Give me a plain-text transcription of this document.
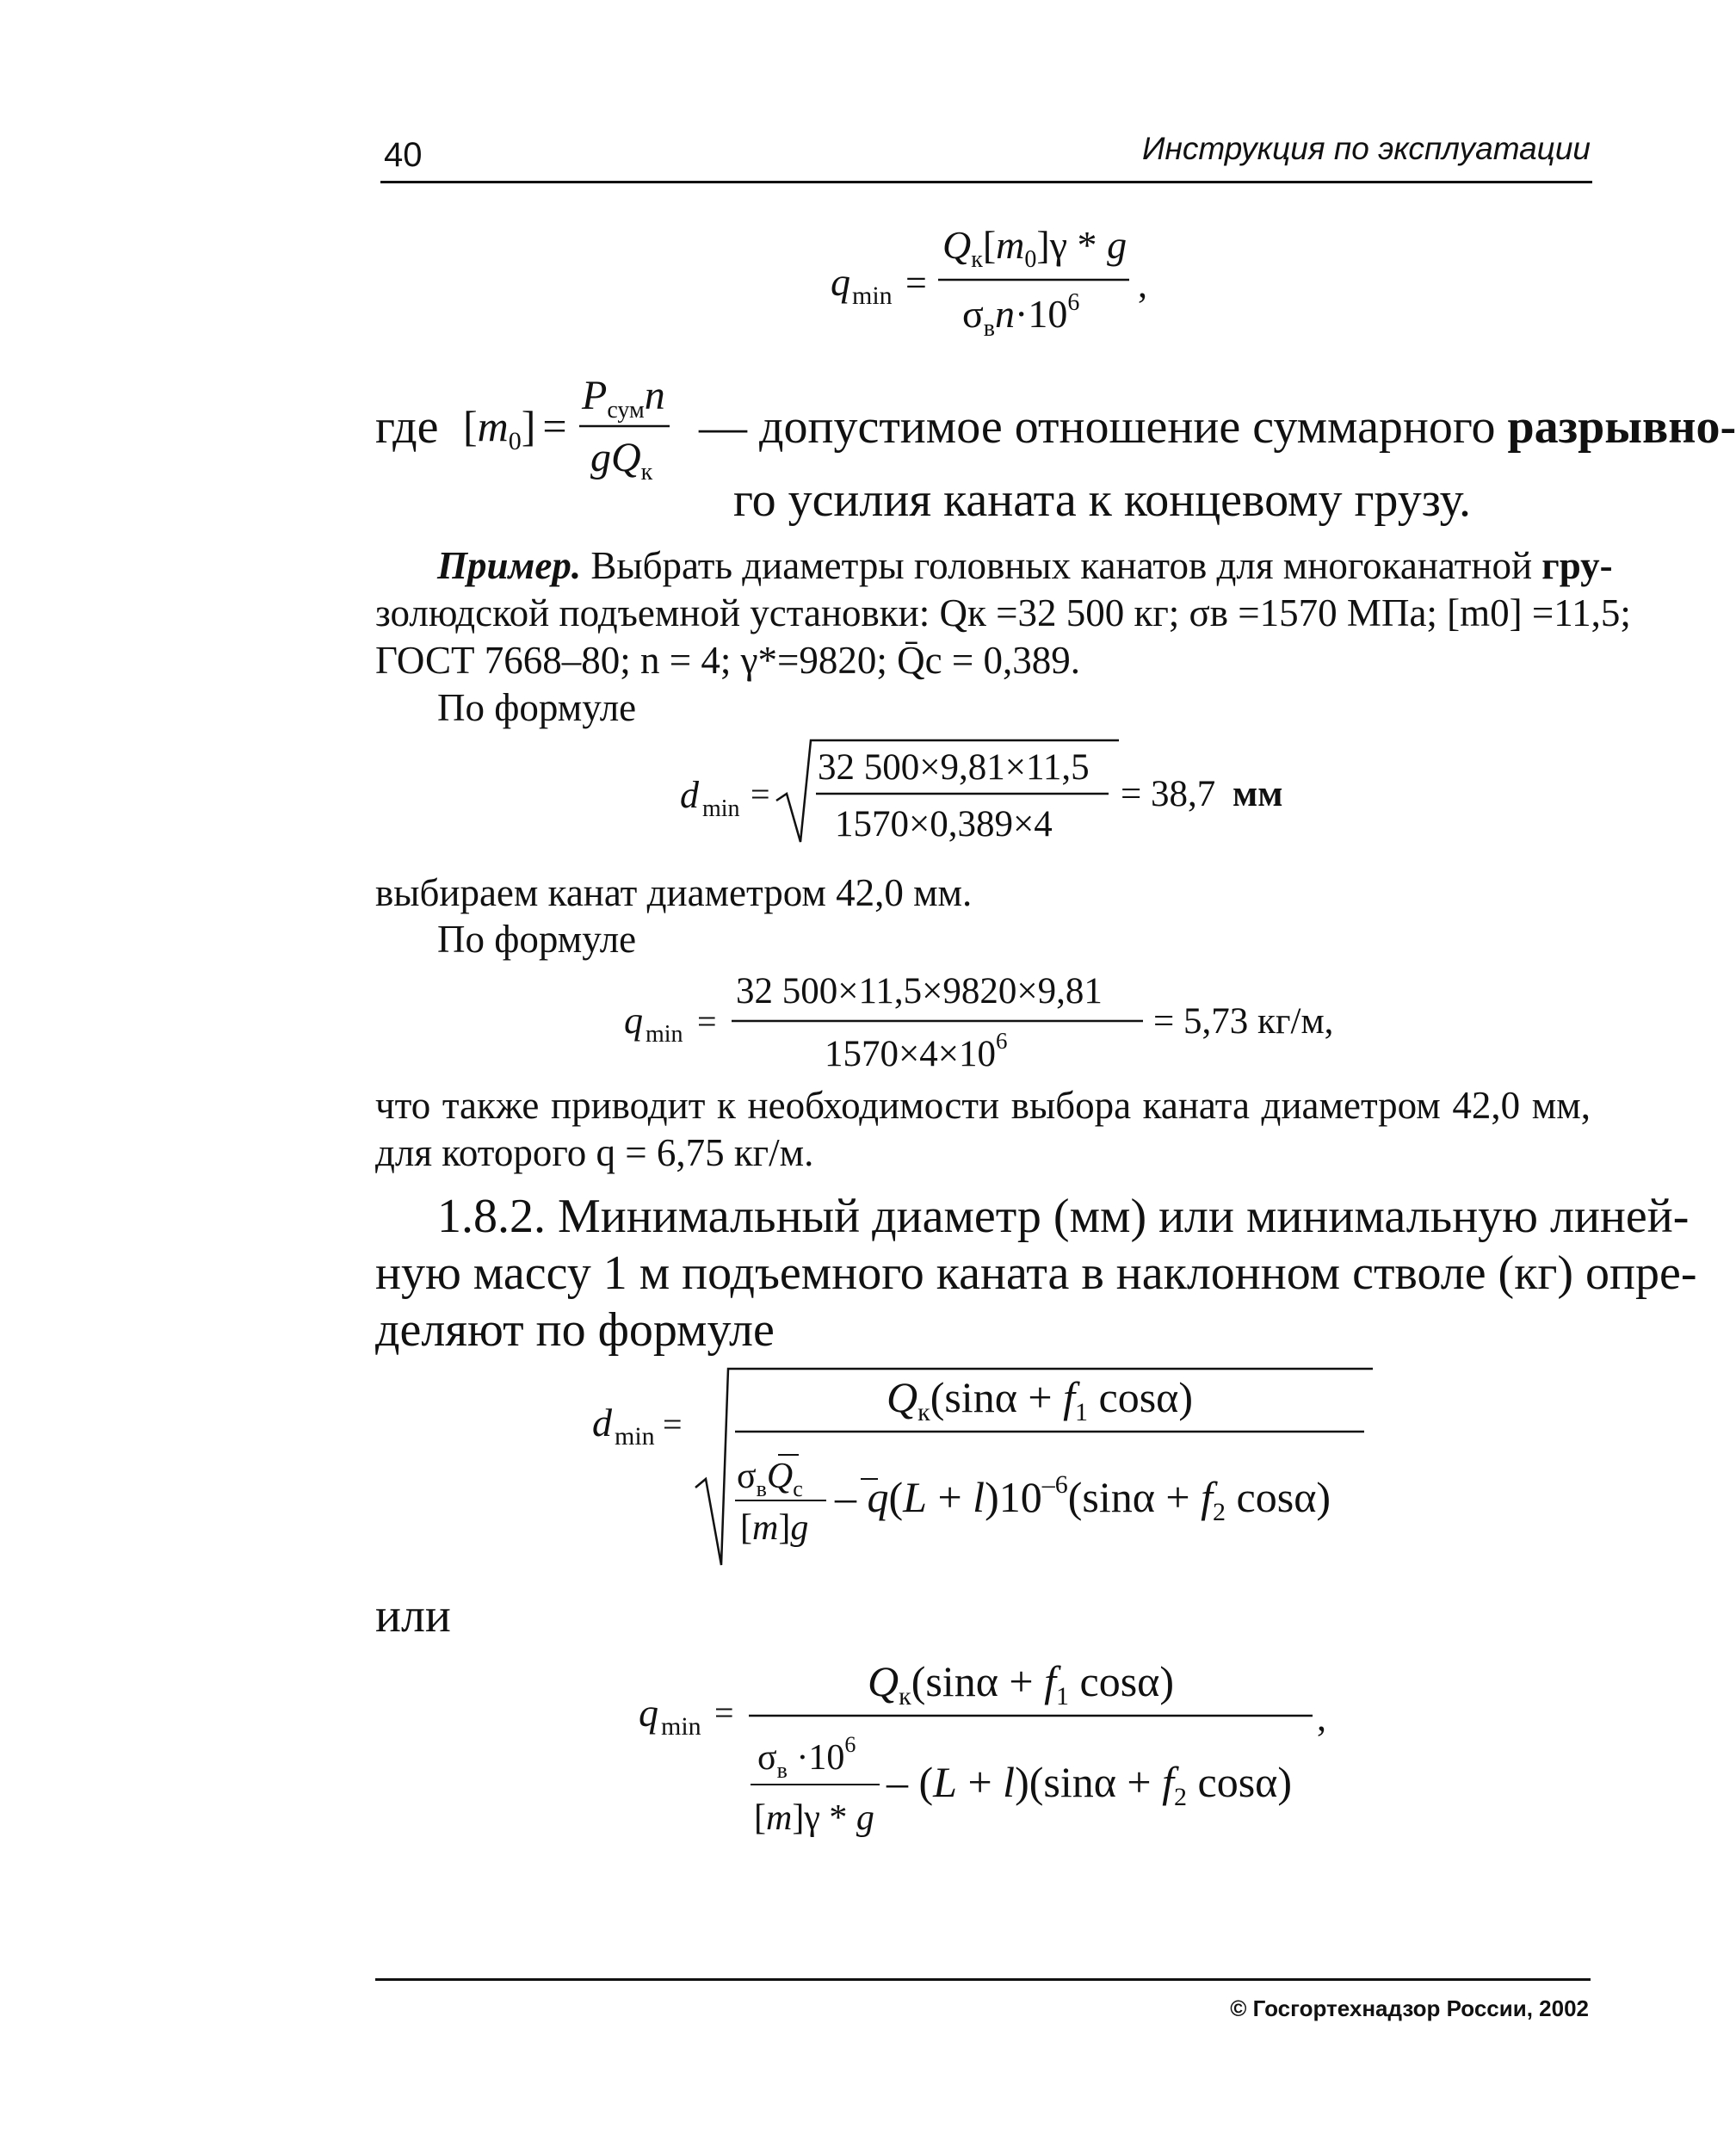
40	Инструкция по эксплуатации
q min =
$Q_к[m_0]\gamma$ * g
$\sigma_вn\cdot 10^6$ ,
где $[m_0]$ =
$P_{сум}n$
$gQ_к$
— допустимое отношение суммарного разрывно-
го усилия каната к концевому грузу.
Пример. Выбрать диаметры головных канатов для многоканатной гру-
золюдской подъемной установки: Qк =32 500 кг; σв =1570 МПа; [m0] =11,5;
ГОСТ 7668–80; n = 4; γ*=9820; Q̄с = 0,389.
По формуле
d min =
32 500×9,81×11,5
1570×0,389×4
= 38,7 мм
выбираем канат диаметром 42,0 мм.
По формуле
q min =
32 500×11,5×9820×9,81
$1570\times 4\times 10^6$	= 5,73 кг/м,
что также приводит к необходимости выбора каната диаметром 42,0 мм,
для которого q = 6,75 кг/м.
1.8.2. Минимальный диаметр (мм) или минимальную линей-
ную массу 1 м подъемного каната в наклонном стволе (кг) опре-
деляют по формуле
d min =
$Q_к(\sin\alpha + f_1$ cosα)
$\sigma_вQ_c$
[m]g
– $q(L + l)10^{-6}(\sin\alpha + f_2$ cosα)
или
q min =
$Q_к(\sin\alpha + f_1$ cosα)
,
$\sigma_в \cdot 10^6$
[m]γ * g
– $(L + l)(\sin\alpha + f_2$ cosα)
© Госгортехнадзор России, 2002
